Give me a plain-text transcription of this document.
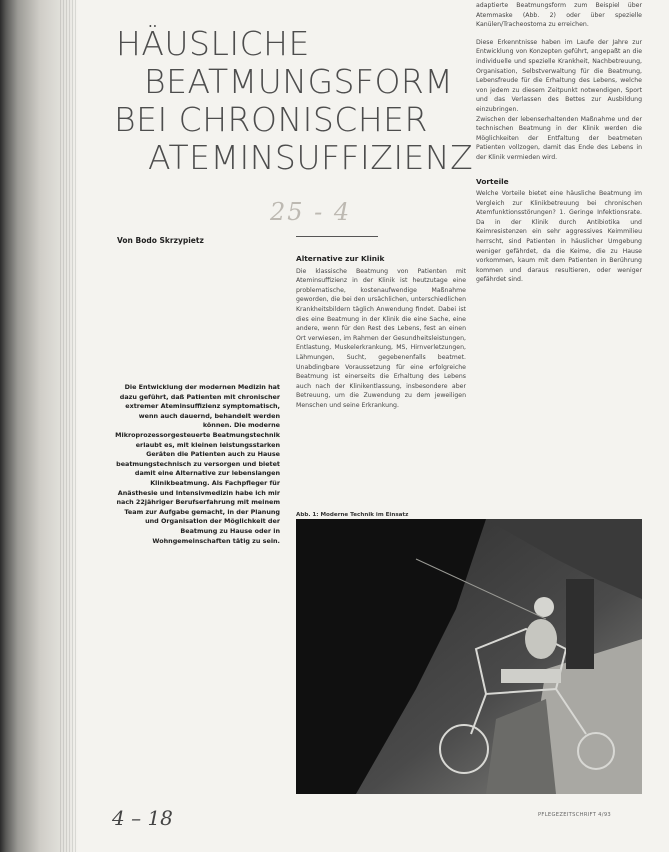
HÄUSLICHE
BEATMUNGSFORM
BEI CHRONISCHER
ATEMINSUFFIZIENZ
25 - 4
Von Bodo Skrzypietz
Die Entwicklung der modernen Medizin hat dazu geführt, daß Patienten mit chronischer extremer Ateminsuffizienz symptomatisch, wenn auch dauernd, behandelt werden können. Die moderne Mikroprozessorgesteuerte Beatmungstechnik erlaubt es, mit kleinen leistungsstarken Geräten die Patienten auch zu Hause beatmungstechnisch zu versorgen und bietet damit eine Alternative zur lebenslangen Klinikbeatmung. Als Fachpfleger für Anästhesie und Intensivmedizin habe ich mir nach 22jähriger Berufserfahrung mit meinem Team zur Aufgabe gemacht, in der Planung und Organisation der Möglichkeit der Beatmung zu Hause oder in Wohngemeinschaften tätig zu sein.
Alternative zur Klinik
Die klassische Beatmung von Patienten mit Ateminsuffizienz in der Klinik ist heutzutage eine problematische, kostenaufwendige Maßnahme geworden, die bei den ursächlichen, unterschiedlichen Krankheitsbildern täglich Anwendung findet. Dabei ist dies eine Beatmung in der Klinik die eine Sache, eine andere, wenn für den Rest des Lebens, fest an einen Ort verwiesen, im Rahmen der Gesundheitsleistungen, Entlastung, Muskelerkrankung, MS, Hirnverletzungen, Lähmungen, Sucht, gegebenenfalls beatmet. Unabdingbare Voraussetzung für eine erfolgreiche Beatmung ist einerseits die Erhaltung des Lebens auch nach der Klinikentlassung, insbesondere aber Betreuung, um die Zuwendung zu dem jeweiligen Menschen und seine Erkrankung.
adaptierte Beatmungsform zum Beispiel über Atemmaske (Abb. 2) oder über spezielle Kanülen/Tracheostoma zu erreichen.
Diese Erkenntnisse haben im Laufe der Jahre zur Entwicklung von Konzepten geführt, angepaßt an die individuelle und spezielle Krankheit, Nachbetreuung, Organisation, Selbstverwaltung für die Beatmung, Lebensfreude für die Erhaltung des Lebens, welche von jedem zu diesem Zeitpunkt notwendigen, Sport und das Verlassen des Bettes zur Ausbildung einzubringen.
Zwischen der lebenserhaltenden Maßnahme und der technischen Beatmung in der Klinik werden die Möglichkeiten der Entfaltung der beatmeten Patienten vollzogen, damit das Ende des Lebens in der Klinik vermieden wird.
Vorteile
Welche Vorteile bietet eine häusliche Beatmung im Vergleich zur Klinikbetreuung bei chronischen Atemfunktionsstörungen? 1. Geringe Infektionsrate. Da in der Klinik durch Antibiotika und Keimresistenzen ein sehr aggressives Keimmilieu herrscht, sind Patienten in häuslicher Umgebung weniger gefährdet, da die Keime, die zu Hause vorkommen, kaum mit dem Patienten in Berührung kommen und daraus resultieren, oder weniger gefährdet sind.
Abb. 1: Moderne Technik im Einsatz
4 – 18	PFLEGEZEITSCHRIFT 4/93
